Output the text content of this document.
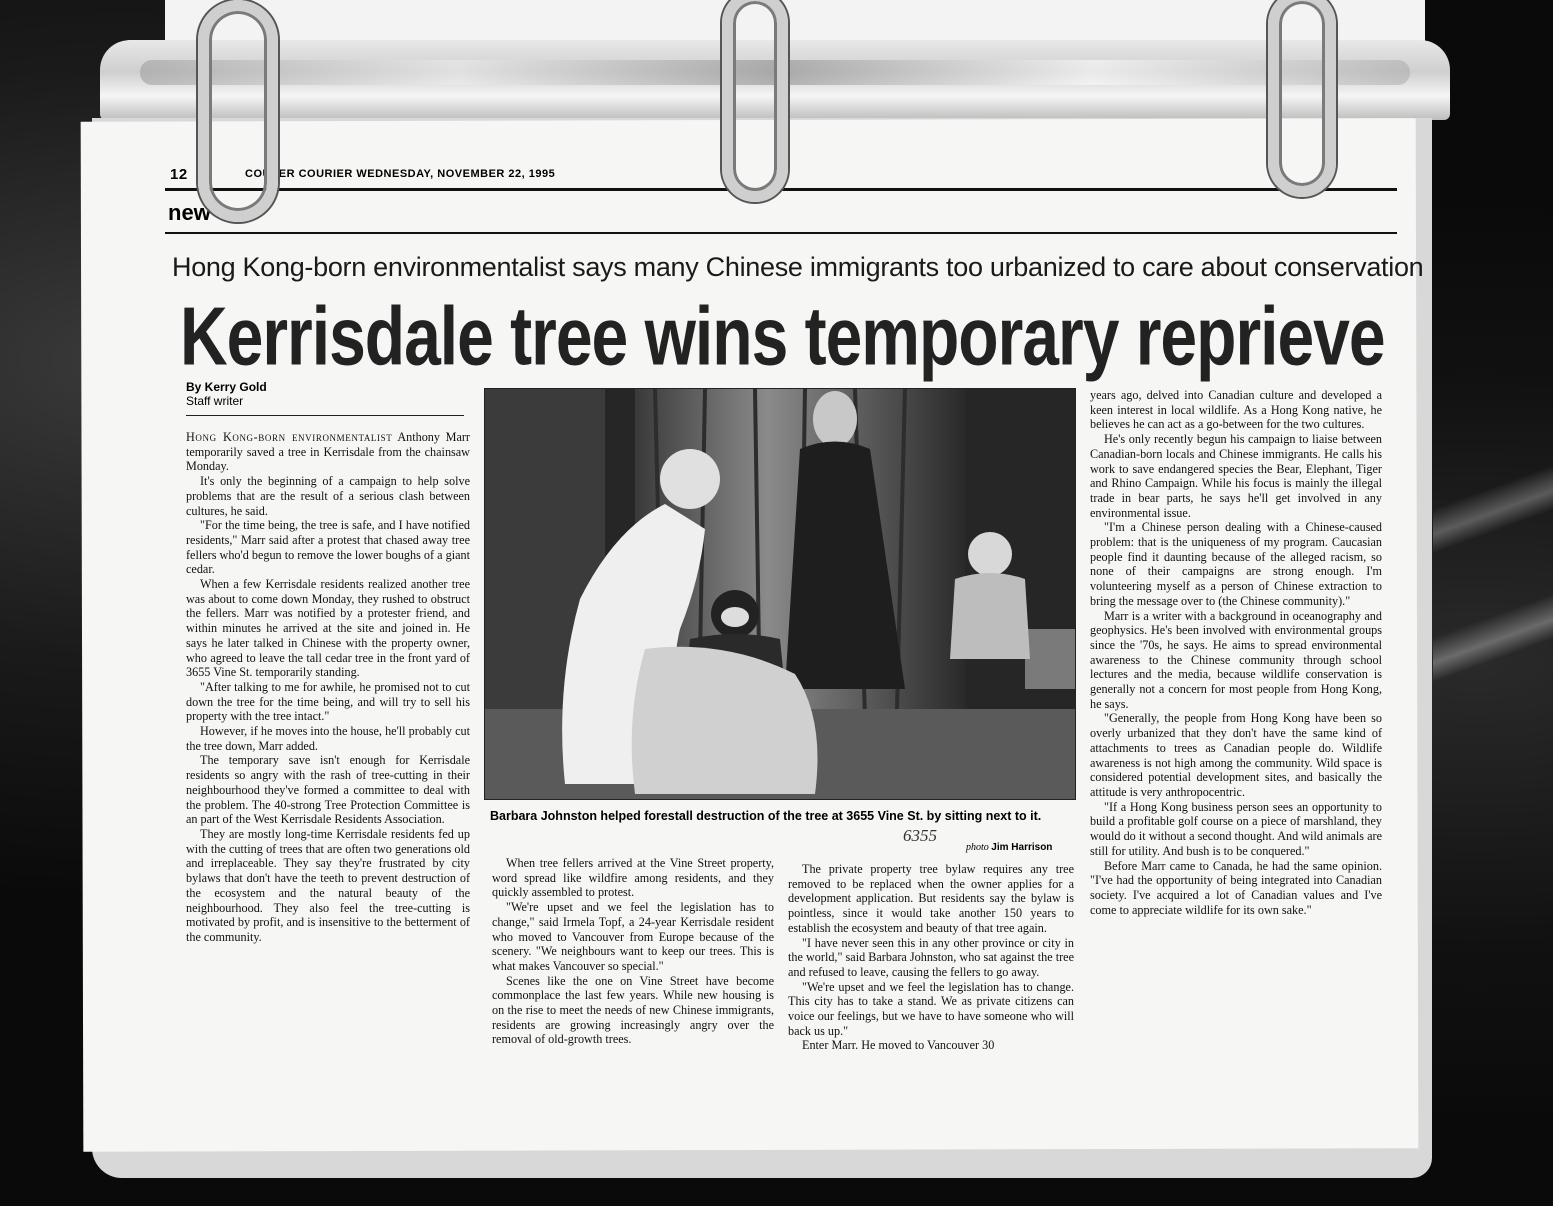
12	COUVER COURIER WEDNESDAY, NOVEMBER 22, 1995
new
Hong Kong-born environmentalist says many Chinese immigrants too urbanized to care about conservation
Kerrisdale tree wins temporary reprieve
By Kerry Gold
Staff writer

Hong Kong-born environmentalist Anthony Marr temporarily saved a tree in Kerrisdale from the chainsaw Monday.

It's only the beginning of a campaign to help solve problems that are the result of a serious clash between cultures, he said.

"For the time being, the tree is safe, and I have notified residents," Marr said after a protest that chased away tree fellers who'd begun to remove the lower boughs of a giant cedar.

When a few Kerrisdale residents realized another tree was about to come down Monday, they rushed to obstruct the fellers. Marr was notified by a protester friend, and within minutes he arrived at the site and joined in. He says he later talked in Chinese with the property owner, who agreed to leave the tall cedar tree in the front yard of 3655 Vine St. temporarily standing.

"After talking to me for awhile, he promised not to cut down the tree for the time being, and will try to sell his property with the tree intact."

However, if he moves into the house, he'll probably cut the tree down, Marr added.

The temporary save isn't enough for Kerrisdale residents so angry with the rash of tree-cutting in their neighbourhood they've formed a committee to deal with the problem. The 40-strong Tree Protection Committee is an part of the West Kerrisdale Residents Association.

They are mostly long-time Kerrisdale residents fed up with the cutting of trees that are often two generations old and irreplaceable. They say they're frustrated by city bylaws that don't have the teeth to prevent destruction of the ecosystem and the natural beauty of the neighbourhood. They also feel the tree-cutting is motivated by profit, and is insensitive to the betterment of the community.

Barbara Johnston helped forestall destruction of the tree at 3655 Vine St. by sitting next to it.
6355
photo Jim Harrison

When tree fellers arrived at the Vine Street property, word spread like wildfire among residents, and they quickly assembled to protest.

"We're upset and we feel the legislation has to change," said Irmela Topf, a 24-year Kerrisdale resident who moved to Vancouver from Europe because of the scenery. "We neighbours want to keep our trees. This is what makes Vancouver so special."

Scenes like the one on Vine Street have become commonplace the last few years. While new housing is on the rise to meet the needs of new Chinese immigrants, residents are growing increasingly angry over the removal of old-growth trees.

The private property tree bylaw requires any tree removed to be replaced when the owner applies for a development application. But residents say the bylaw is pointless, since it would take another 150 years to establish the ecosystem and beauty of that tree again.

"I have never seen this in any other province or city in the world," said Barbara Johnston, who sat against the tree and refused to leave, causing the fellers to go away.

"We're upset and we feel the legislation has to change. This city has to take a stand. We as private citizens can voice our feelings, but we have to have someone who will back us up."

Enter Marr. He moved to Vancouver 30

years ago, delved into Canadian culture and developed a keen interest in local wildlife. As a Hong Kong native, he believes he can act as a go-between for the two cultures.

He's only recently begun his campaign to liaise between Canadian-born locals and Chinese immigrants. He calls his work to save endangered species the Bear, Elephant, Tiger and Rhino Campaign. While his focus is mainly the illegal trade in bear parts, he says he'll get involved in any environmental issue.

"I'm a Chinese person dealing with a Chinese-caused problem: that is the uniqueness of my program. Caucasian people find it daunting because of the alleged racism, so none of their campaigns are strong enough. I'm volunteering myself as a person of Chinese extraction to bring the message over to (the Chinese community)."

Marr is a writer with a background in oceanography and geophysics. He's been involved with environmental groups since the '70s, he says. He aims to spread environmental awareness to the Chinese community through school lectures and the media, because wildlife conservation is generally not a concern for most people from Hong Kong, he says.

"Generally, the people from Hong Kong have been so overly urbanized that they don't have the same kind of attachments to trees as Canadian people do. Wildlife awareness is not high among the community. Wild space is considered potential development sites, and basically the attitude is very anthropocentric.

"If a Hong Kong business person sees an opportunity to build a profitable golf course on a piece of marshland, they would do it without a second thought. And wild animals are still for utility. And bush is to be conquered."

Before Marr came to Canada, he had the same opinion. "I've had the opportunity of being integrated into Canadian society. I've acquired a lot of Canadian values and I've come to appreciate wildlife for its own sake."
